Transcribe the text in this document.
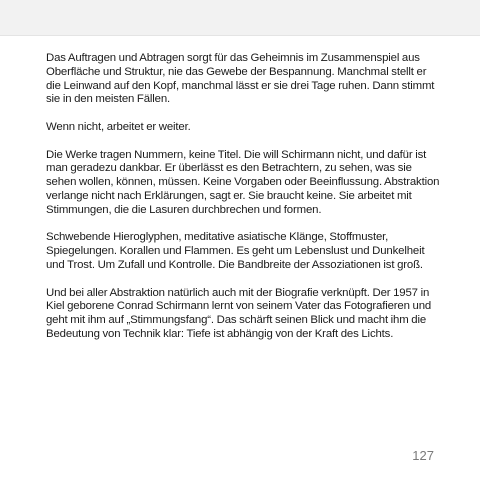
Das Auftragen und Abtragen sorgt für das Geheimnis im Zusammenspiel aus Oberfläche und Struktur, nie das Gewebe der Bespannung. Manchmal stellt er die Leinwand auf den Kopf, manchmal lässt er sie drei Tage ruhen. Dann stimmt sie in den meisten Fällen.

Wenn nicht, arbeitet er weiter.

Die Werke tragen Nummern, keine Titel. Die will Schirmann nicht, und dafür ist man geradezu dankbar. Er überlässt es den Betrachtern, zu sehen, was sie sehen wollen, können, müssen. Keine Vorgaben oder Beeinflussung. Abstraktion verlange nicht nach Erklärungen, sagt er. Sie braucht keine. Sie arbeitet mit Stimmungen, die die Lasuren durchbrechen und formen.

Schwebende Hieroglyphen, meditative asiatische Klänge, Stoffmuster, Spiegelungen. Korallen und Flammen. Es geht um Lebenslust und Dunkelheit und Trost. Um Zufall und Kontrolle. Die Bandbreite der Assoziationen ist groß.

Und bei aller Abstraktion natürlich auch mit der Biografie verknüpft. Der 1957 in Kiel geborene Conrad Schirmann lernt von seinem Vater das Fotografieren und geht mit ihm auf „Stimmungsfang“. Das schärft seinen Blick und macht ihm die Bedeutung von Technik klar: Tiefe ist abhängig von der Kraft des Lichts.

127
